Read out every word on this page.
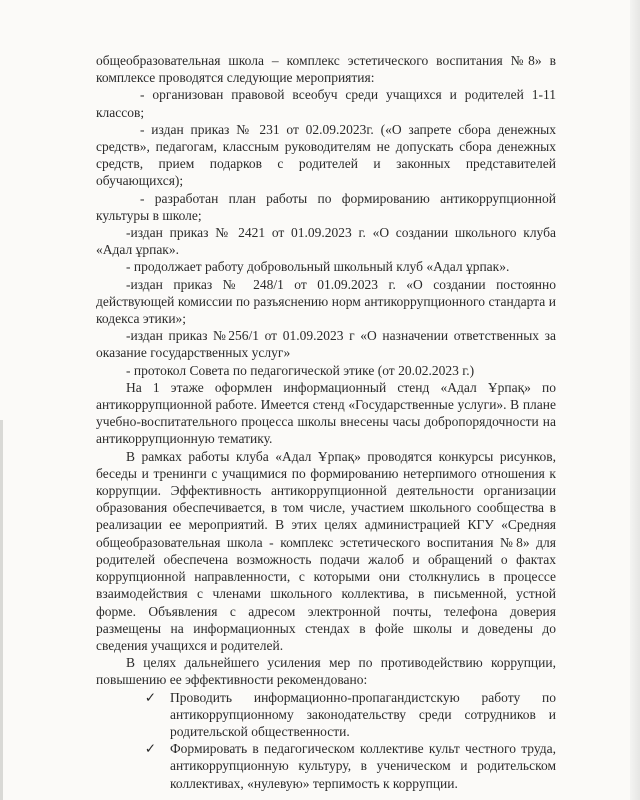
общеобразовательная школа – комплекс эстетического воспитания №8» в комплексе проводятся следующие мероприятия:

- организован правовой всеобуч среди учащихся и родителей 1-11 классов;

- издан приказ № 231 от 02.09.2023г. («О запрете сбора денежных средств», педагогам, классным руководителям не допускать сбора денежных средств, прием подарков с родителей и законных представителей обучающихся);

- разработан план работы по формированию антикоррупционной культуры в школе;

-издан приказ № 2421 от 01.09.2023 г. «О создании школьного клуба «Адал ұрпак».

- продолжает работу добровольный школьный клуб «Адал ұрпак».

-издан приказ № 248/1 от 01.09.2023 г. «О создании постоянно действующей комиссии по разъяснению норм антикоррупционного стандарта и кодекса этики»;

-издан приказ №256/1 от 01.09.2023 г «О назначении ответственных за оказание государственных услуг»

- протокол Совета по педагогической этике (от 20.02.2023 г.)

На 1 этаже оформлен информационный стенд «Адал Ұрпақ» по антикоррупционной работе. Имеется стенд «Государственные услуги». В плане учебно-воспитательного процесса школы внесены часы добропорядочности на антикоррупционную тематику.

В рамках работы клуба «Адал Ұрпақ» проводятся конкурсы рисунков, беседы и тренинги с учащимися по формированию нетерпимого отношения к коррупции. Эффективность антикоррупционной деятельности организации образования обеспечивается, в том числе, участием школьного сообщества в реализации ее мероприятий. В этих целях администрацией КГУ «Средняя общеобразовательная школа - комплекс эстетического воспитания №8» для родителей обеспечена возможность подачи жалоб и обращений о фактах коррупционной направленности, с которыми они столкнулись в процессе взаимодействия с членами школьного коллектива, в письменной, устной форме. Объявления с адресом электронной почты, телефона доверия размещены на информационных стендах в фойе школы и доведены до сведения учащихся и родителей.

В целях дальнейшего усиления мер по противодействию коррупции, повышению ее эффективности рекомендовано:

✓	Проводить информационно-пропагандистскую работу по антикоррупционному законодательству среди сотрудников и родительской общественности.
✓	Формировать в педагогическом коллективе культ честного труда, антикоррупционную культуру, в ученическом и родительском коллективах, «нулевую» терпимость к коррупции.
